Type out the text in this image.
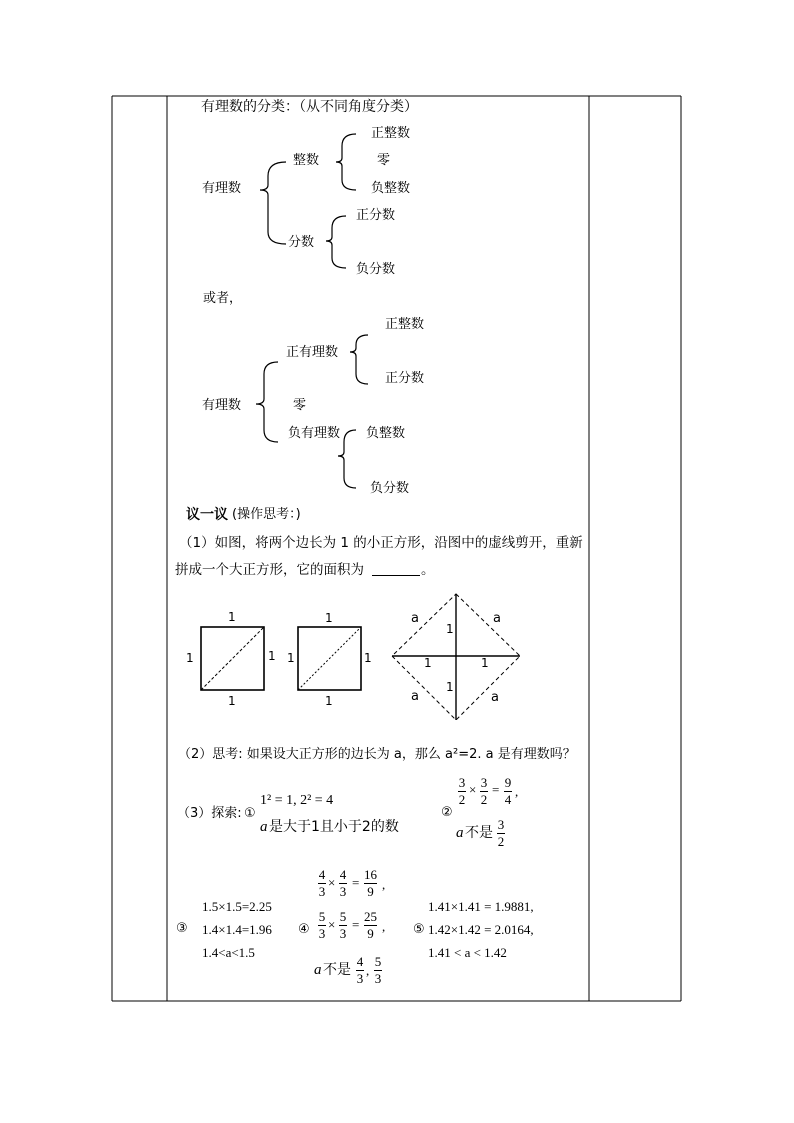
有理数的分类：（从不同角度分类）
有理数
整数
正整数
零
负整数
分数
正分数
负分数
或者，
有理数
正有理数
正整数
正分数
零
负有理数 负整数
负分数
议一议 (操作思考：)
（1）如图，将两个边长为 1 的小正方形，沿图中的虚线剪开，重新
拼成一个大正方形，它的面积为	。
1
1	1
1
1
1	1
1
a	a
a	a
1
1	1
1
（2）思考: 如果设大正方形的边长为 a，那么 a²=2. a 是有理数吗？
（3）探索: ①
1² = 1, 2² = 4
a 是大于1且小于2的数
②
3
2
× 3
2
= 9
4
,
a 不是
3
2
③
1.5×1.5=2.25
1.4×1.4=1.96
1.4<a<1.5
④
4
3
×
4
3
=
16
9 ,
5
3
×
5
3
=
25
9 ,
a 不是
4
3
,
5
3
⑤
1.41×1.41 = 1.9881,
1.42×1.42 = 2.0164,
1.41 < a < 1.42
